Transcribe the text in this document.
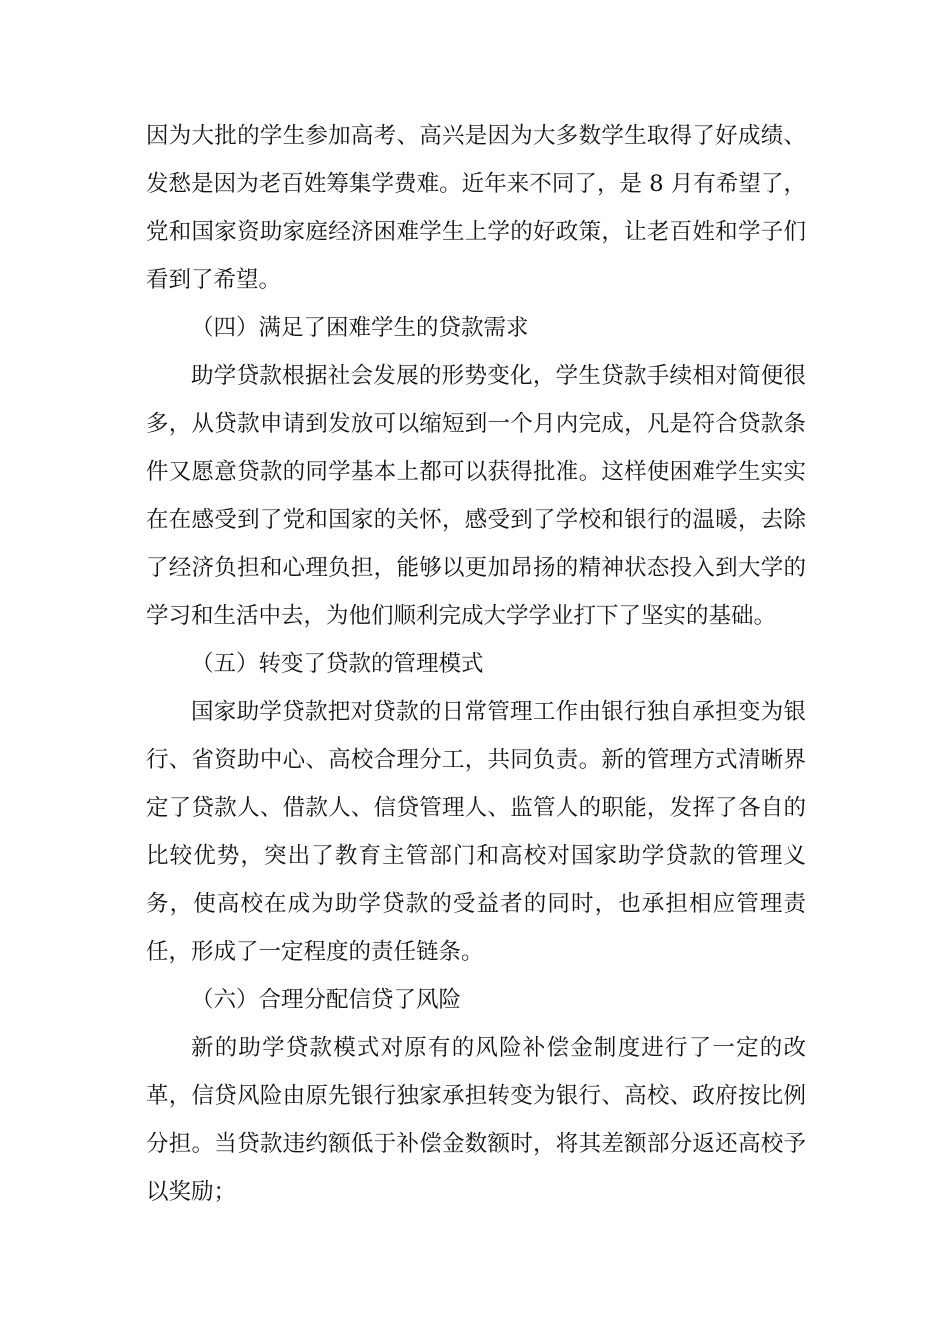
因为大批的学生参加高考、高兴是因为大多数学生取得了好成绩、发愁是因为老百姓筹集学费难。近年来不同了，是 8 月有希望了，党和国家资助家庭经济困难学生上学的好政策，让老百姓和学子们看到了希望。

（四）满足了困难学生的贷款需求

助学贷款根据社会发展的形势变化，学生贷款手续相对简便很多，从贷款申请到发放可以缩短到一个月内完成，凡是符合贷款条件又愿意贷款的同学基本上都可以获得批准。这样使困难学生实实在在感受到了党和国家的关怀，感受到了学校和银行的温暖，去除了经济负担和心理负担，能够以更加昂扬的精神状态投入到大学的学习和生活中去，为他们顺利完成大学学业打下了坚实的基础。

（五）转变了贷款的管理模式

国家助学贷款把对贷款的日常管理工作由银行独自承担变为银行、省资助中心、高校合理分工，共同负责。新的管理方式清晰界定了贷款人、借款人、信贷管理人、监管人的职能，发挥了各自的比较优势，突出了教育主管部门和高校对国家助学贷款的管理义务，使高校在成为助学贷款的受益者的同时，也承担相应管理责任，形成了一定程度的责任链条。

（六）合理分配信贷了风险

新的助学贷款模式对原有的风险补偿金制度进行了一定的改革，信贷风险由原先银行独家承担转变为银行、高校、政府按比例分担。当贷款违约额低于补偿金数额时，将其差额部分返还高校予以奖励；
